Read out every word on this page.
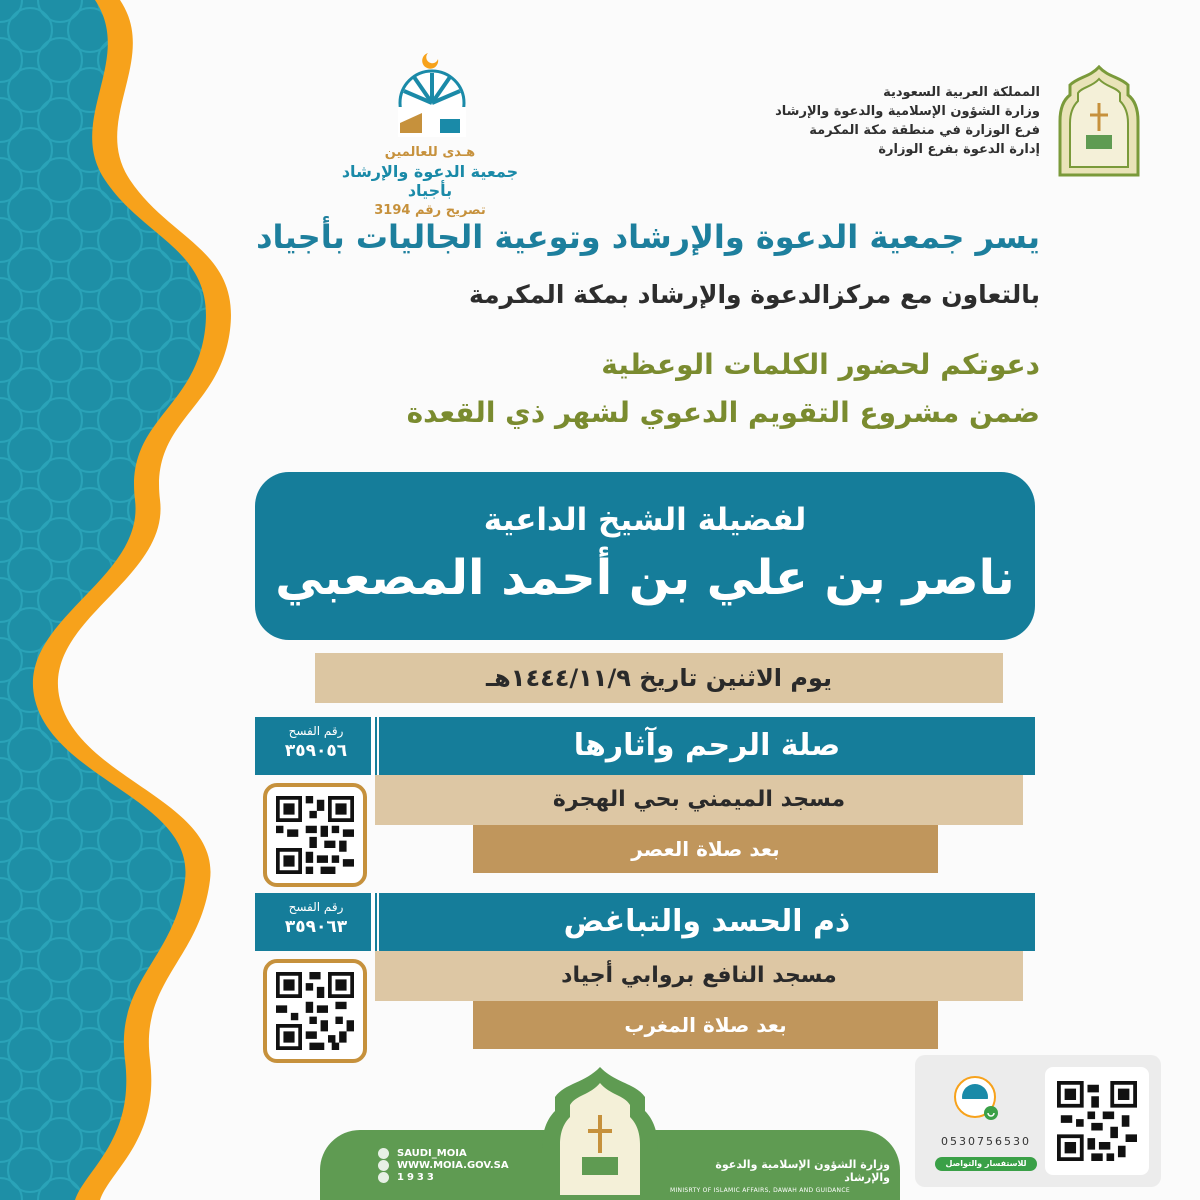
المملكة العربية السعودية
وزارة الشؤون الإسلامية والدعوة والإرشاد
فرع الوزارة في منطقة مكة المكرمة
إدارة الدعوة بفرع الوزارة
هـدى للعالمين
جمعية الدعوة والإرشاد بأجياد
تصريح رقم 3194
يسر جمعية الدعوة والإرشاد وتوعية الجاليات بأجياد
بالتعاون مع مركزالدعوة والإرشاد بمكة المكرمة
دعوتكم لحضور الكلمات الوعظية
ضمن مشروع التقويم الدعوي لشهر ذي القعدة
لفضيلة الشيخ الداعية
ناصر بن علي بن أحمد المصعبي
يوم الاثنين تاريخ ١٤٤٤/١١/٩هـ
رقم الفسح
٣٥٩٠٥٦	صلة الرحم وآثارها
مسجد الميمني بحي الهجرة
بعد صلاة العصر
رقم الفسح
٣٥٩٠٦٣	ذم الحسد والتباغض
مسجد النافع بروابي أجياد
بعد صلاة المغرب
SAUDI_MOIA
WWW.MOIA.GOV.SA
1933
وزارة الشؤون الإسلامية والدعوة والإرشاد
MINISRTY OF ISLAMIC AFFAIRS, DAWAH AND GUIDANCE
0530756530
للاستفسار والتواصل
